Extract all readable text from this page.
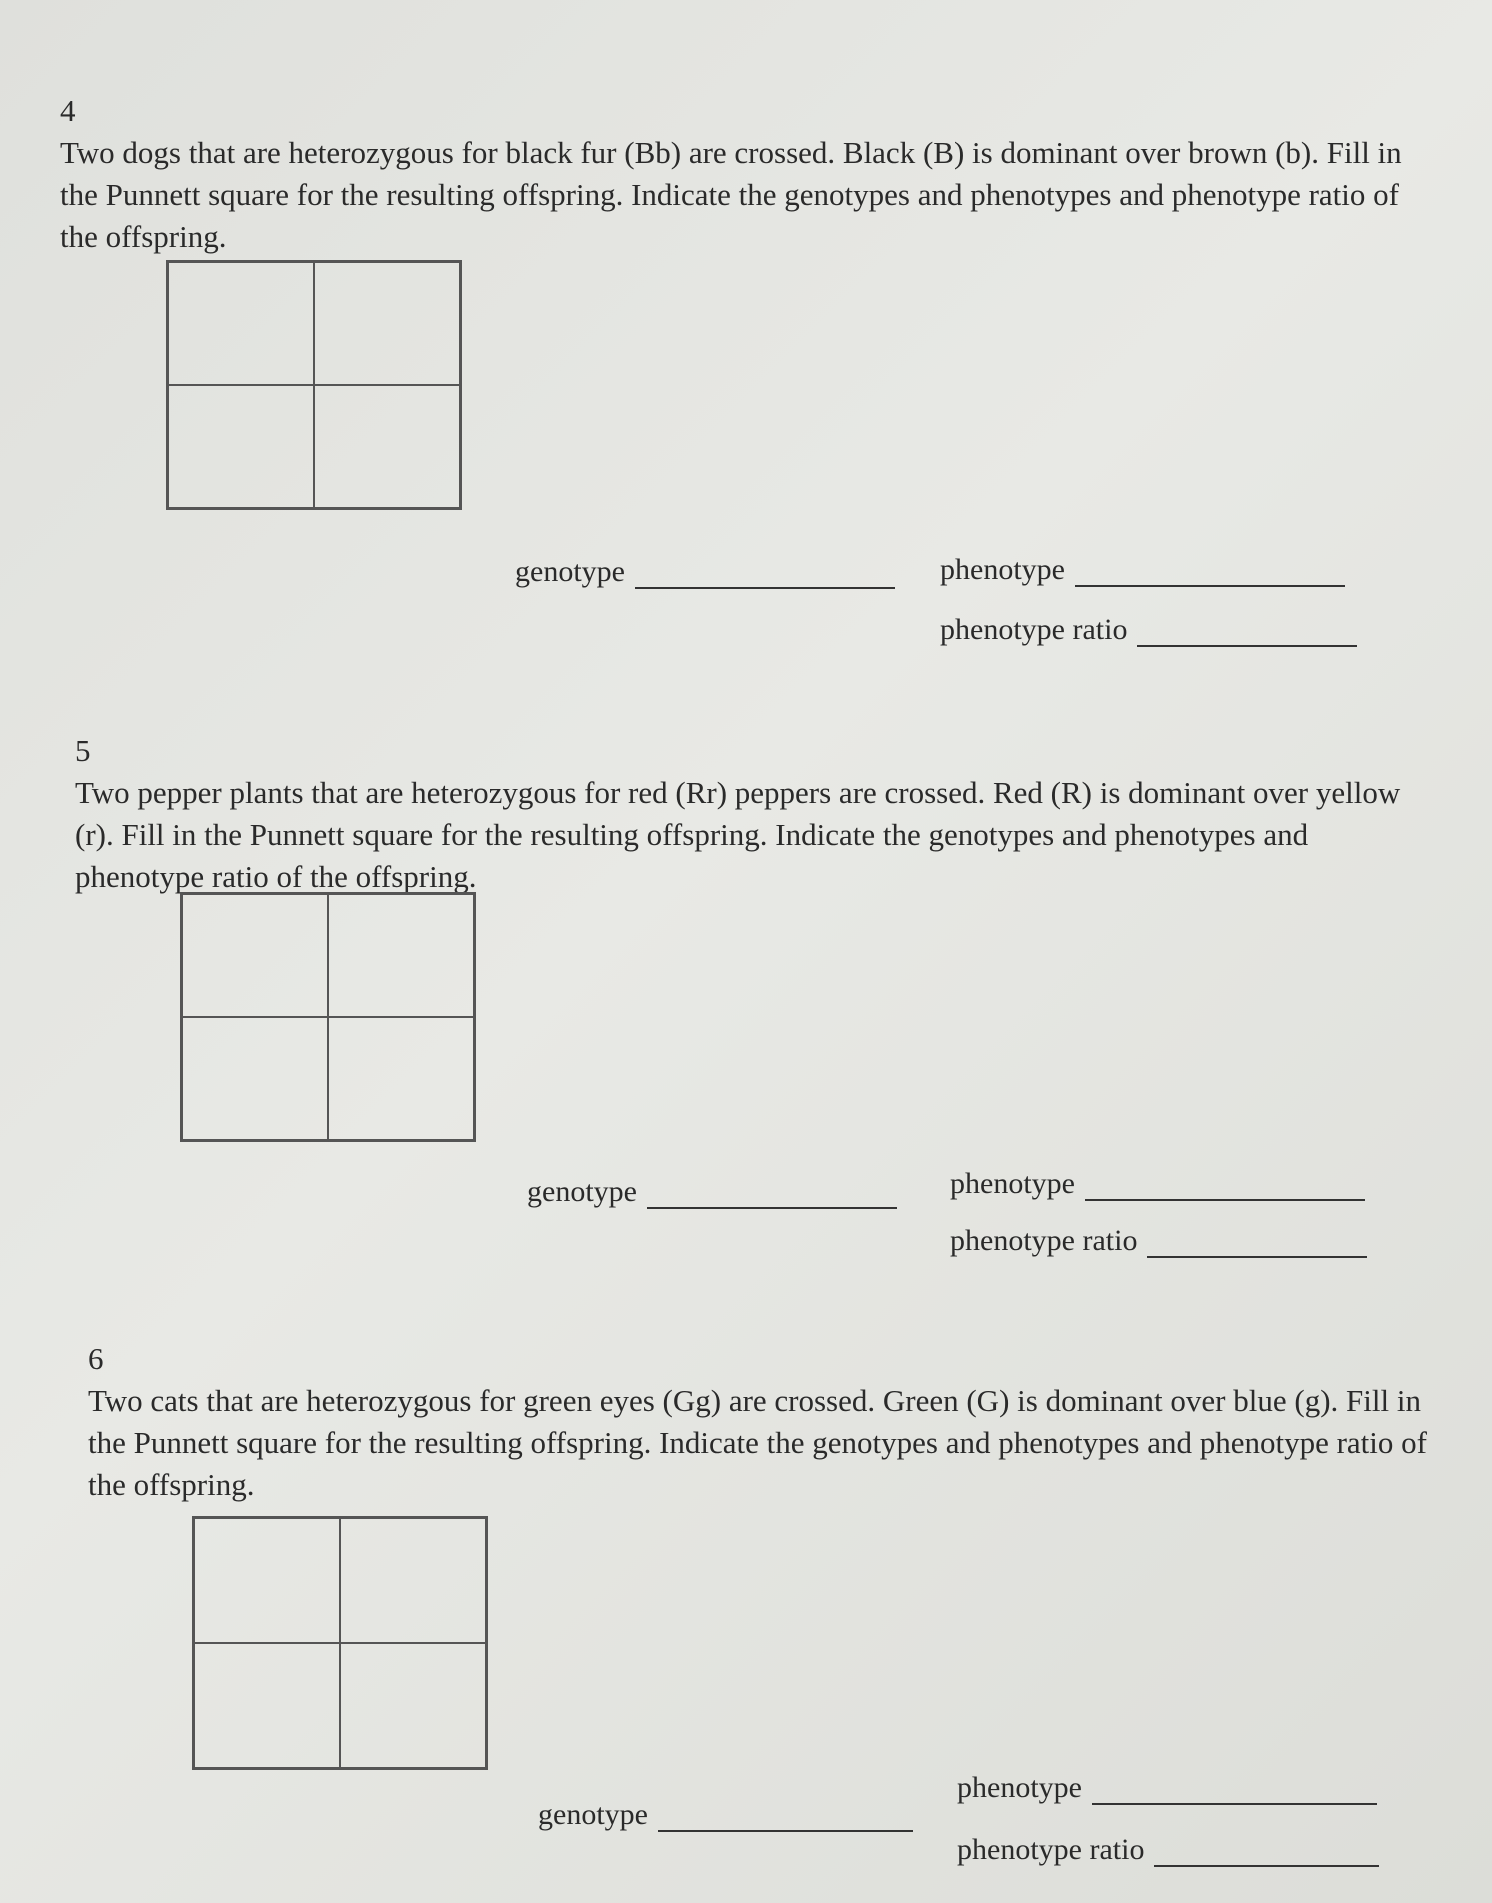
4
Two dogs that are heterozygous for black fur (Bb) are crossed. Black (B) is dominant over brown (b). Fill in the Punnett square for the resulting offspring. Indicate the genotypes and phenotypes and phenotype ratio of the offspring.

genotype	phenotype
phenotype ratio

5
Two pepper plants that are heterozygous for red (Rr) peppers are crossed. Red (R) is dominant over yellow (r). Fill in the Punnett square for the resulting offspring. Indicate the genotypes and phenotypes and phenotype ratio of the offspring.

genotype	phenotype
phenotype ratio

6
Two cats that are heterozygous for green eyes (Gg) are crossed. Green (G) is dominant over blue (g). Fill in the Punnett square for the resulting offspring. Indicate the genotypes and phenotypes and phenotype ratio of the offspring.

genotype
phenotype
phenotype ratio
